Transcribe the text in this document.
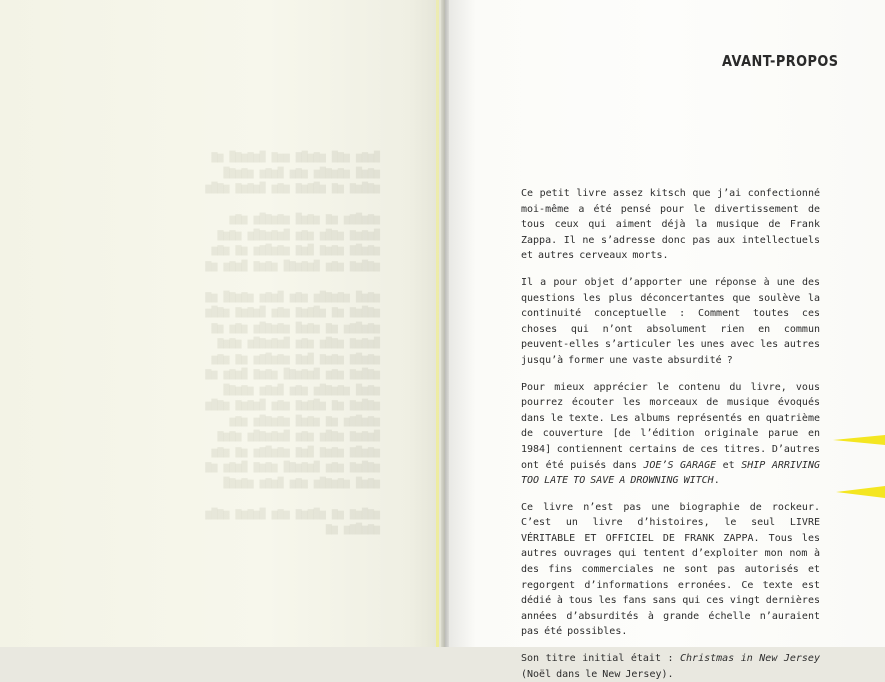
█▆▇▆ ▆▇█ ▆▇▆█▇ ▆▆▇ █▆▇▆▇█ ▆▇
▆▇▆█ ▆▇▆▇█▆ ▆▇▆ █▆▇▆ ▆▇▆▇█
▆▇█▆▇ ▆▇ ▆█▇▆▇ ▆▇▆ █▆▇▆▇ ▆▇█▆

▆▇▆█▇▆ ▆▇ ▆▇▆█ ▆▇▆▇█▆ ▆▇▆
█▆▇▆▇ ▆▇█▆ ▆▇▆ █▆▇▆▇█▆ ▆▇▆▇
▆▇▆█▇ ▆▇▆▇ █▆▇ ▆▇▆█▇▆ ▆▇ ▆▇▆
▆▇█▆▇ ▆▇▆ █▆▇▆▇█ ▆▇▆▇ █▆▇▆ ▆▇

▆▇▆█ ▆▇▆▇█▆ ▆▇▆ █▆▇▆ ▆▇▆▇█ ▆▇
▆▇█▆▇ ▆▇ ▆█▇▆▇ ▆▇▆ █▆▇▆▇ ▆▇█▆
▆▇▆█▇▆ ▆▇ ▆▇▆█ ▆▇▆▇█▆ ▆▇▆ ▆▇
█▆▇▆▇ ▆▇█▆ ▆▇▆ █▆▇▆▇█▆ ▆▇▆▇
▆▇▆█▇ ▆▇▆▇ █▆▇ ▆▇▆█▇▆ ▆▇ ▆▇▆
▆▇█▆▇ ▆▇▆ █▆▇▆▇█ ▆▇▆▇ █▆▇▆ ▆▇
▆▇▆█ ▆▇▆▇█▆ ▆▇▆ █▆▇▆ ▆▇▆▇█
▆▇█▆▇ ▆▇ ▆█▇▆▇ ▆▇▆ █▆▇▆▇ ▆▇█▆
▆▇▆█▇▆ ▆▇ ▆▇▆█ ▆▇▆▇█▆ ▆▇▆
█▆▇▆▇ ▆▇█▆ ▆▇▆ █▆▇▆▇█▆ ▆▇▆▇
▆▇▆█▇ ▆▇▆▇ █▆▇ ▆▇▆█▇▆ ▆▇ ▆▇▆
▆▇█▆▇ ▆▇▆ █▆▇▆▇█ ▆▇▆▇ █▆▇▆ ▆▇
▆▇▆█ ▆▇▆▇█▆ ▆▇▆ █▆▇▆ ▆▇▆▇█

▆▇█▆▇ ▆▇ ▆█▇▆▇ ▆▇▆ █▆▇▆▇ ▆▇█▆
▆▇▆█▇▆ ▆▇
AVANT-PROPOS

Ce petit livre assez kitsch que j’ai confectionné moi-même a été pensé pour le divertissement de tous ceux qui aiment déjà la musique de Frank Zappa. Il ne s’adresse donc pas aux intellectuels et autres cerveaux morts.

Il a pour objet d’apporter une réponse à une des questions les plus déconcertantes que soulève la continuité conceptuelle : Comment toutes ces choses qui n’ont absolument rien en commun peuvent-elles s’articuler les unes avec les autres jusqu’à former une vaste absurdité ?

Pour mieux apprécier le contenu du livre, vous pourrez écouter les morceaux de musique évoqués dans le texte. Les albums représentés en quatrième de couverture [de l’édition originale parue en 1984] contiennent certains de ces titres. D’autres ont été puisés dans JOE’S GARAGE et SHIP ARRIVING TOO LATE TO SAVE A DROWNING WITCH.

Ce livre n’est pas une biographie de rockeur. C’est un livre d’histoires, le seul LIVRE VÉRITABLE ET OFFICIEL DE FRANK ZAPPA. Tous les autres ouvrages qui tentent d’exploiter mon nom à des fins commerciales ne sont pas autorisés et regorgent d’informations erronées. Ce texte est dédié à tous les fans sans qui ces vingt dernières années d’absurdités à grande échelle n’auraient pas été possibles.

Son titre initial était : Christmas in New Jersey (Noël dans le New Jersey).
